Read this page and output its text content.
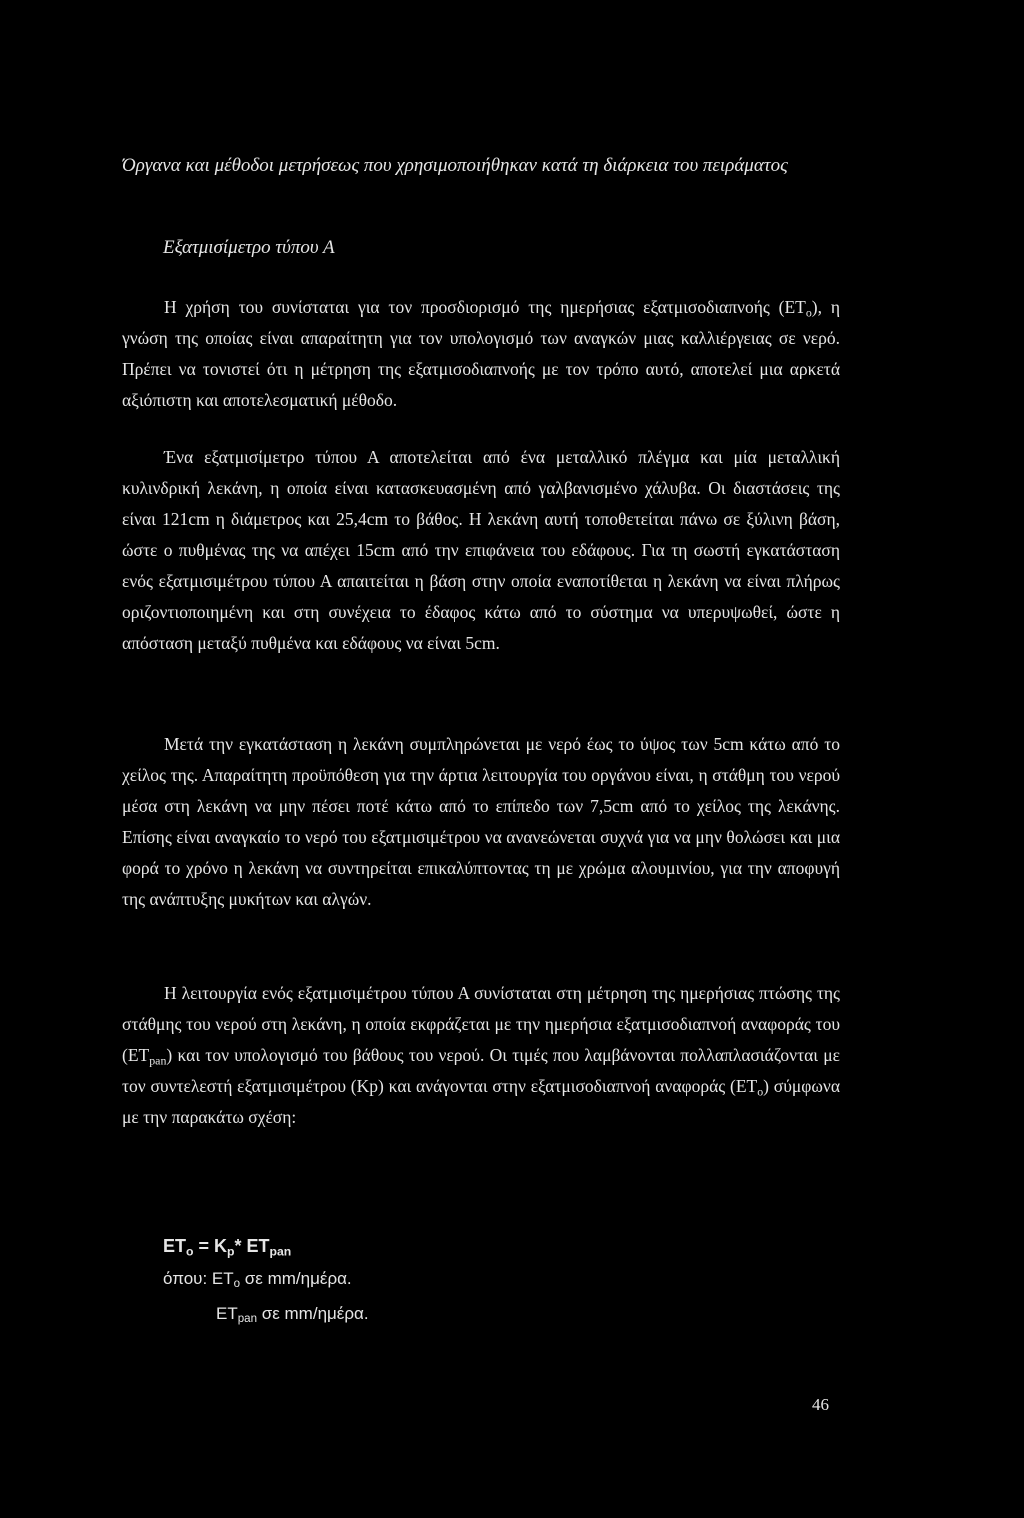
Όργανα και μέθοδοι μετρήσεως που χρησιμοποιήθηκαν κατά τη διάρκεια του πειράματος
Εξατμισίμετρο τύπου Α

Η χρήση του συνίσταται για τον προσδιορισμό της ημερήσιας εξατμισοδιαπνοής $(ET_o)$, η γνώση της οποίας είναι απαραίτητη για τον υπολογισμό των αναγκών μιας καλλιέργειας σε νερό. Πρέπει να τονιστεί ότι η μέτρηση της εξατμισοδιαπνοής με τον τρόπο αυτό, αποτελεί μια αρκετά αξιόπιστη και αποτελεσματική μέθοδο.

Ένα εξατμισίμετρο τύπου Α αποτελείται από ένα μεταλλικό πλέγμα και μία μεταλλική κυλινδρική λεκάνη, η οποία είναι κατασκευασμένη από γαλβανισμένο χάλυβα. Οι διαστάσεις της είναι 121cm η διάμετρος και 25,4cm το βάθος. Η λεκάνη αυτή τοποθετείται πάνω σε ξύλινη βάση, ώστε ο πυθμένας της να απέχει 15cm από την επιφάνεια του εδάφους. Για τη σωστή εγκατάσταση ενός εξατμισιμέτρου τύπου Α απαιτείται η βάση στην οποία εναποτίθεται η λεκάνη να είναι πλήρως οριζοντιοποιημένη και στη συνέχεια το έδαφος κάτω από το σύστημα να υπερυψωθεί, ώστε η απόσταση μεταξύ πυθμένα και εδάφους να είναι 5cm.

Μετά την εγκατάσταση η λεκάνη συμπληρώνεται με νερό έως το ύψος των 5cm κάτω από το χείλος της. Απαραίτητη προϋπόθεση για την άρτια λειτουργία του οργάνου είναι, η στάθμη του νερού μέσα στη λεκάνη να μην πέσει ποτέ κάτω από το επίπεδο των 7,5cm από το χείλος της λεκάνης. Επίσης είναι αναγκαίο το νερό του εξατμισιμέτρου να ανανεώνεται συχνά για να μην θολώσει και μια φορά το χρόνο η λεκάνη να συντηρείται επικαλύπτοντας τη με χρώμα αλουμινίου, για την αποφυγή της ανάπτυξης μυκήτων και αλγών.

Η λειτουργία ενός εξατμισιμέτρου τύπου Α συνίσταται στη μέτρηση της ημερήσιας πτώσης της στάθμης του νερού στη λεκάνη, η οποία εκφράζεται με την ημερήσια εξατμισοδιαπνοή αναφοράς του $(ET_{pan})$ και τον υπολογισμό του βάθους του νερού. Οι τιμές που λαμβάνονται πολλαπλασιάζονται με τον συντελεστή εξατμισιμέτρου (Kp) και ανάγονται στην εξατμισοδιαπνοή αναφοράς $(ET_o)$ σύμφωνα με την παρακάτω σχέση:

$ET_o = K_p*$ $ET_{pan}$
όπου: $ET_o$ σε mm/ημέρα.
$ET_{pan}$ σε mm/ημέρα.
46
